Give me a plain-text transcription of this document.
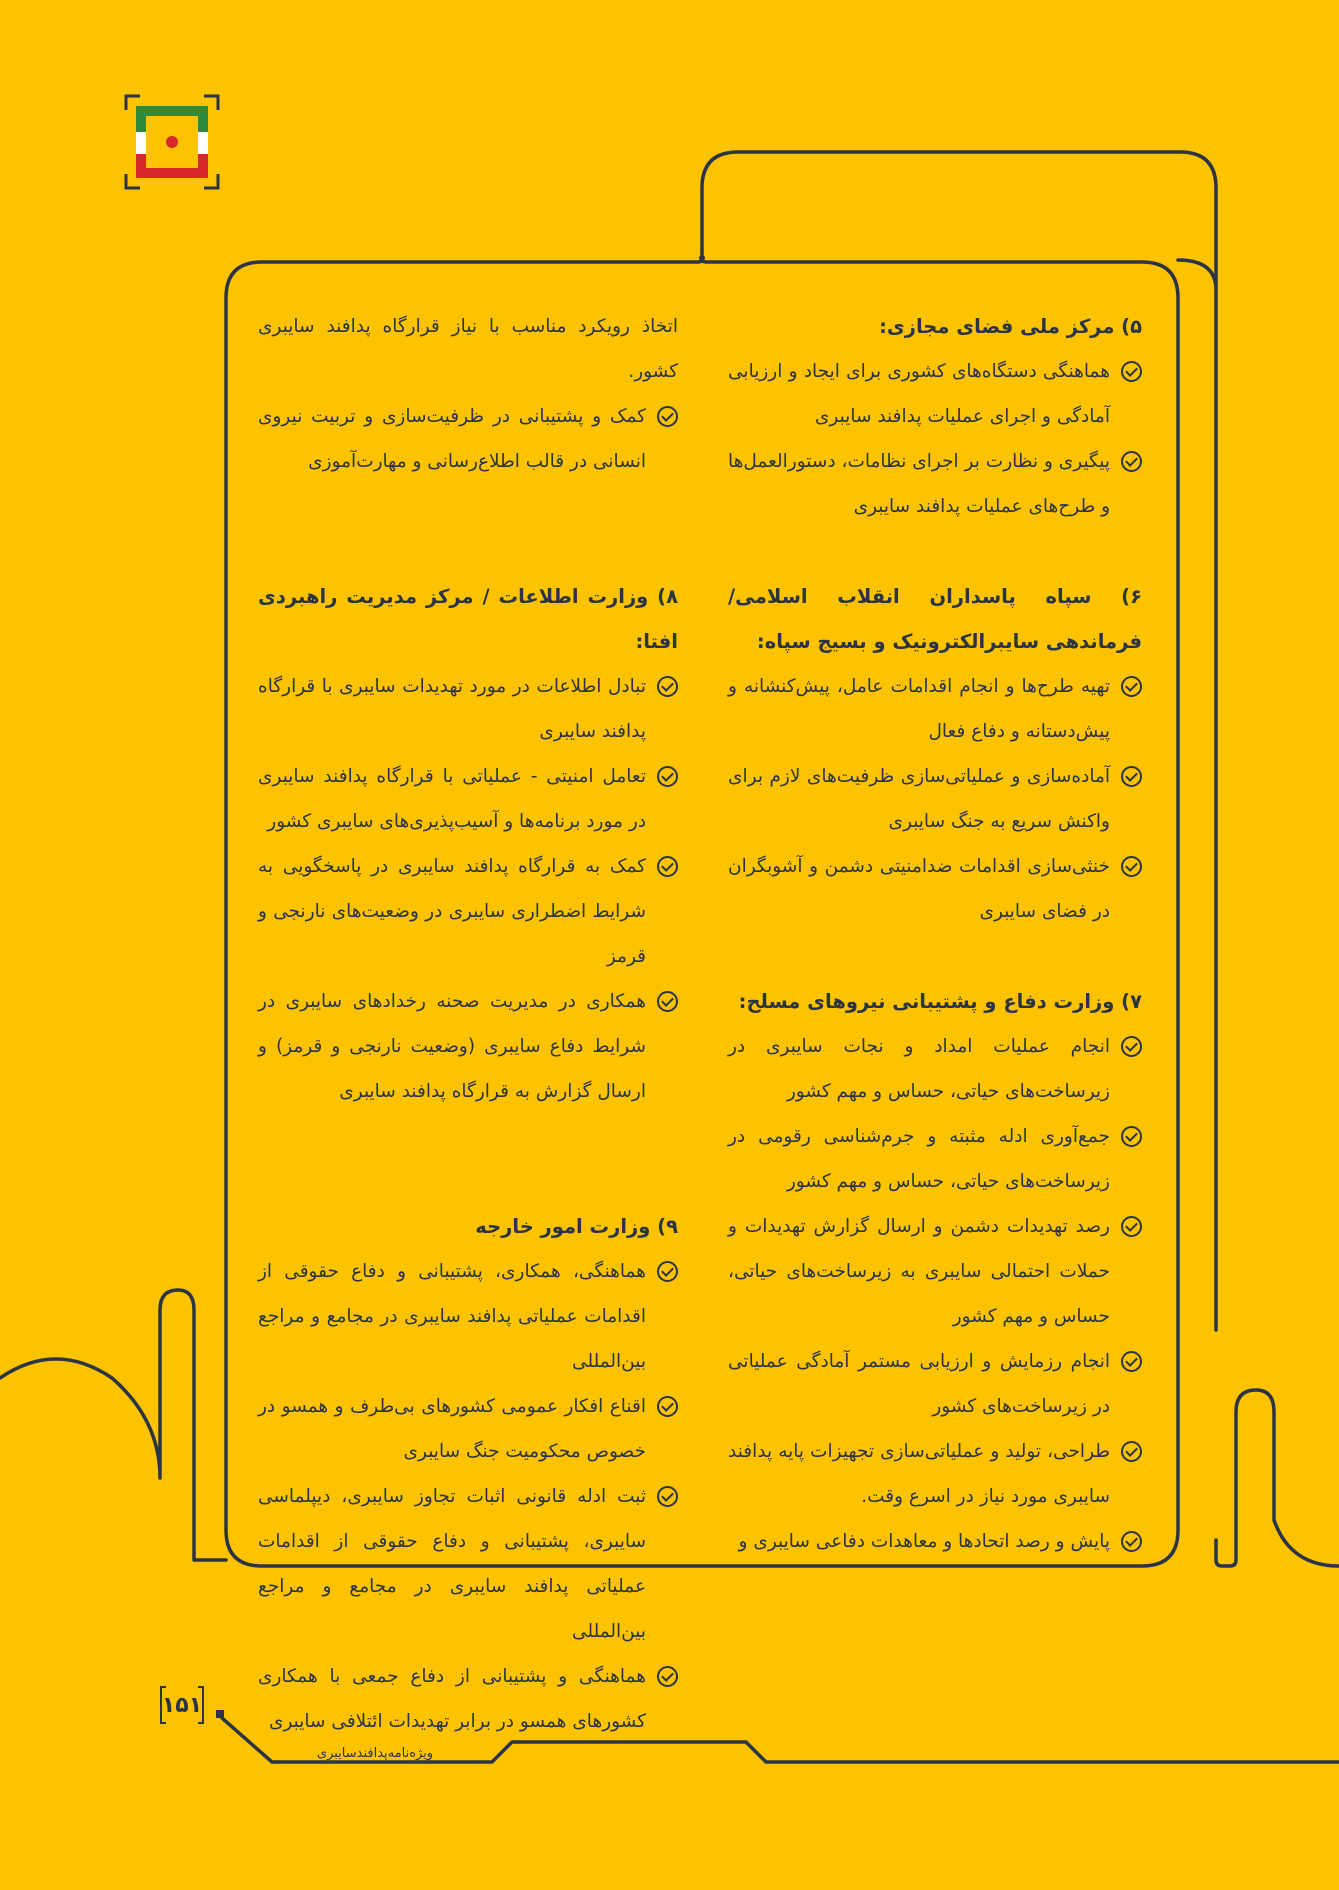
۵) مرکز ملی فضای مجازی:

هماهنگی دستگاه‌های کشوری برای ایجاد و ارزیابی آمادگی و اجرای عملیات پدافند سایبری

پیگیری و نظارت بر اجرای نظامات، دستورالعمل‌ها و طرح‌های عملیات پدافند سایبری

۶) سپاه پاسداران انقلاب اسلامی/ فرماندهی سایبرالکترونیک و بسیج سپاه:

تهیه طرح‌ها و انجام اقدامات عامل، پیش‌کنشانه و پیش‌دستانه و دفاع فعال

آماده‌سازی و عملیاتی‌سازی ظرفیت‌های لازم برای واکنش سریع به جنگ سایبری

خنثی‌سازی اقدامات ضدامنیتی دشمن و آشوبگران در فضای سایبری

۷) وزارت دفاع و پشتیبانی نیروهای مسلح:

انجام عملیات امداد و نجات سایبری در زیرساخت‌های حیاتی، حساس و مهم کشور

جمع‌آوری ادله مثبته و جرم‌شناسی رقومی در زیرساخت‌های حیاتی، حساس و مهم کشور

رصد تهدیدات دشمن و ارسال گزارش تهدیدات و حملات احتمالی سایبری به زیرساخت‌های حیاتی، حساس و مهم کشور

انجام رزمایش و ارزیابی مستمر آمادگی عملیاتی در زیرساخت‌های کشور

طراحی، تولید و عملیاتی‌سازی تجهیزات پایه پدافند سایبری مورد نیاز در اسرع وقت.

پایش و رصد اتحادها و معاهدات دفاعی سایبری و

اتخاذ رویکرد مناسب با نیاز قرارگاه پدافند سایبری کشور.

کمک و پشتیبانی در ظرفیت‌سازی و تربیت نیروی انسانی در قالب اطلاع‌رسانی و مهارت‌آموزی

۸) وزارت اطلاعات / مرکز مدیریت راهبردی افتا:

تبادل اطلاعات در مورد تهدیدات سایبری با قرارگاه پدافند سایبری

تعامل امنیتی - عملیاتی با قرارگاه پدافند سایبری در مورد برنامه‌ها و آسیب‌پذیری‌های سایبری کشور

کمک به قرارگاه پدافند سایبری در پاسخگویی به شرایط اضطراری سایبری در وضعیت‌های نارنجی و قرمز

همکاری در مدیریت صحنه رخدادهای سایبری در شرایط دفاع سایبری (وضعیت نارنجی و قرمز) و ارسال گزارش به قرارگاه پدافند سایبری

۹) وزارت امور خارجه

هماهنگی، همکاری، پشتیبانی و دفاع حقوقی از اقدامات عملیاتی پدافند سایبری در مجامع و مراجع بین‌المللی

اقناع افکار عمومی کشورهای بی‌طرف و همسو در خصوص محکومیت جنگ سایبری

ثبت ادله قانونی اثبات تجاوز سایبری، دیپلماسی سایبری، پشتیبانی و دفاع حقوقی از اقدامات عملیاتی پدافند سایبری در مجامع و مراجع بین‌المللی

هماهنگی و پشتیبانی از دفاع جمعی با همکاری کشورهای همسو در برابر تهدیدات ائتلافی سایبری

۱۵۱
ویژه‌نامه‌پدافندسایبری
